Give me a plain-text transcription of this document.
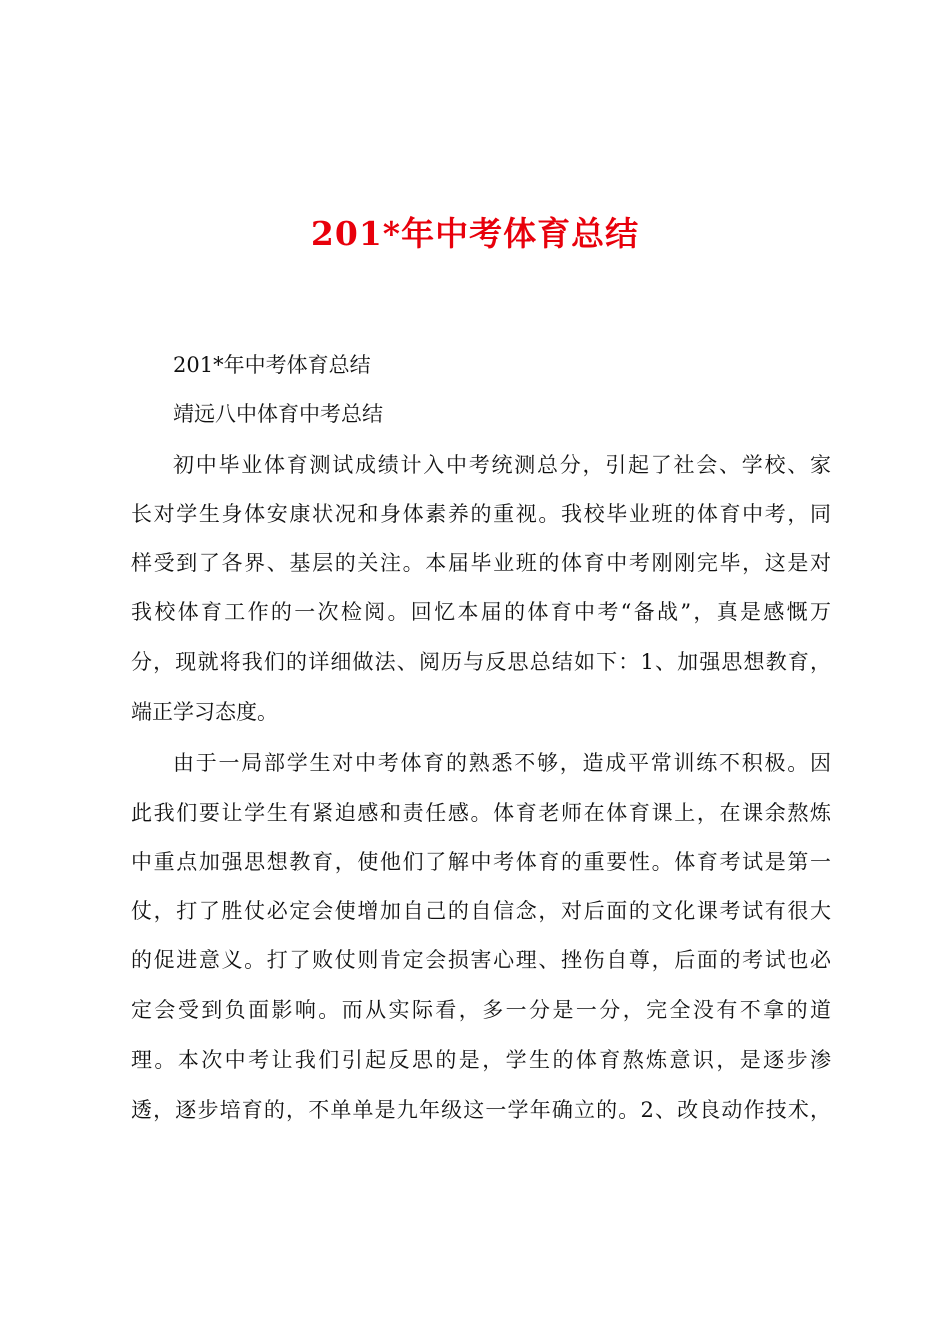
201*年中考体育总结

201*年中考体育总结

靖远八中体育中考总结

初中毕业体育测试成绩计入中考统测总分，引起了社会、学校、家

长对学生身体安康状况和身体素养的重视。我校毕业班的体育中考，同

样受到了各界、基层的关注。本届毕业班的体育中考刚刚完毕，这是对

我校体育工作的一次检阅。回忆本届的体育中考“备战”，真是感慨万

分，现就将我们的详细做法、阅历与反思总结如下：1、加强思想教育，

端正学习态度。

由于一局部学生对中考体育的熟悉不够，造成平常训练不积极。因

此我们要让学生有紧迫感和责任感。体育老师在体育课上，在课余熬炼

中重点加强思想教育，使他们了解中考体育的重要性。体育考试是第一

仗，打了胜仗必定会使增加自己的自信念，对后面的文化课考试有很大

的促进意义。打了败仗则肯定会损害心理、挫伤自尊，后面的考试也必

定会受到负面影响。而从实际看，多一分是一分，完全没有不拿的道

理。本次中考让我们引起反思的是，学生的体育熬炼意识，是逐步渗

透，逐步培育的，不单单是九年级这一学年确立的。2、改良动作技术，
